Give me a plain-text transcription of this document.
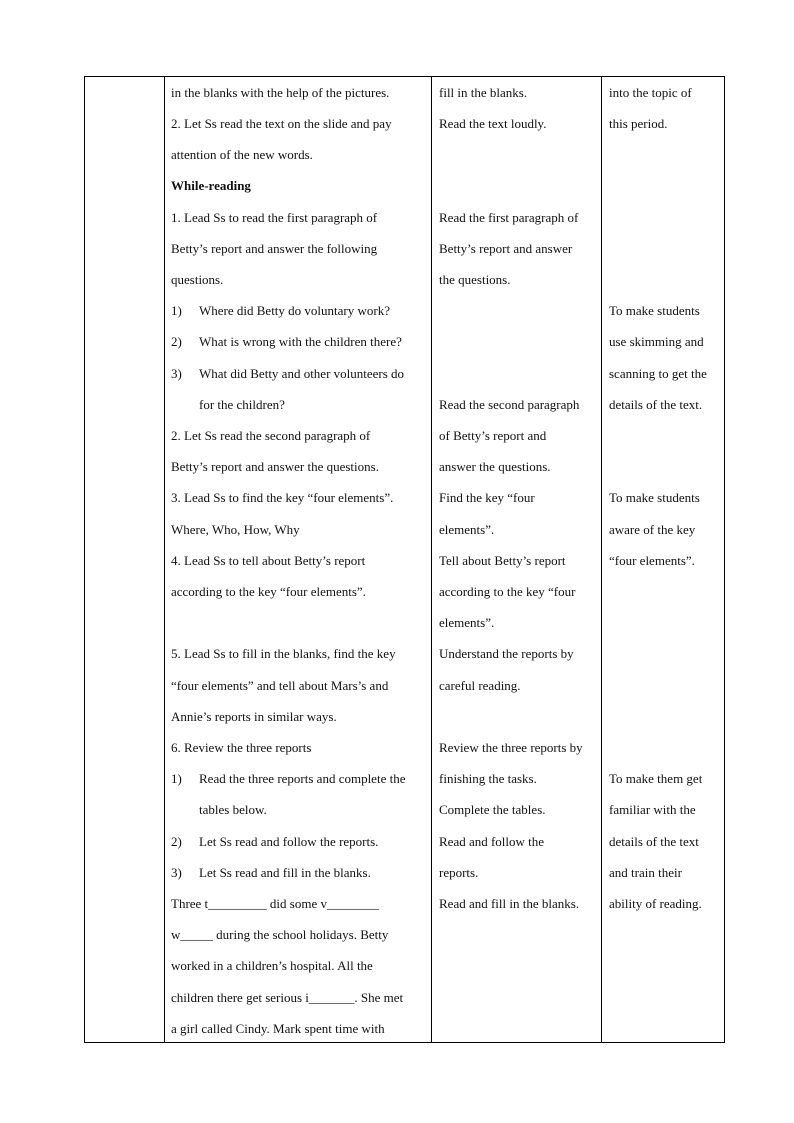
in the blanks with the help of the pictures.
2. Let Ss read the text on the slide and pay
attention of the new words.
While-reading
1. Lead Ss to read the first paragraph of
Betty’s report and answer the following
questions.
1) Where did Betty do voluntary work?
2) What is wrong with the children there?
3) What did Betty and other volunteers do
for the children?
2. Let Ss read the second paragraph of
Betty’s report and answer the questions.
3. Lead Ss to find the key “four elements”.
Where, Who, How, Why
4. Lead Ss to tell about Betty’s report
according to the key “four elements”.
5. Lead Ss to fill in the blanks, find the key
“four elements” and tell about Mars’s and
Annie’s reports in similar ways.
6. Review the three reports
1) Read the three reports and complete the
tables below.
2) Let Ss read and follow the reports.
3) Let Ss read and fill in the blanks.
Three t_________ did some v________
w_____ during the school holidays. Betty
worked in a children’s hospital. All the
children there get serious i_______. She met
a girl called Cindy. Mark spent time with
fill in the blanks.
Read the text loudly.
Read the first paragraph of
Betty’s report and answer
the questions.
Read the second paragraph
of Betty’s report and
answer the questions.
Find the key “four
elements”.
Tell about Betty’s report
according to the key “four
elements”.
Understand the reports by
careful reading.
Review the three reports by
finishing the tasks.
Complete the tables.
Read and follow the
reports.
Read and fill in the blanks.
into the topic of
this period.
To make students
use skimming and
scanning to get the
details of the text.
To make students
aware of the key
“four elements”.
To make them get
familiar with the
details of the text
and train their
ability of reading.
